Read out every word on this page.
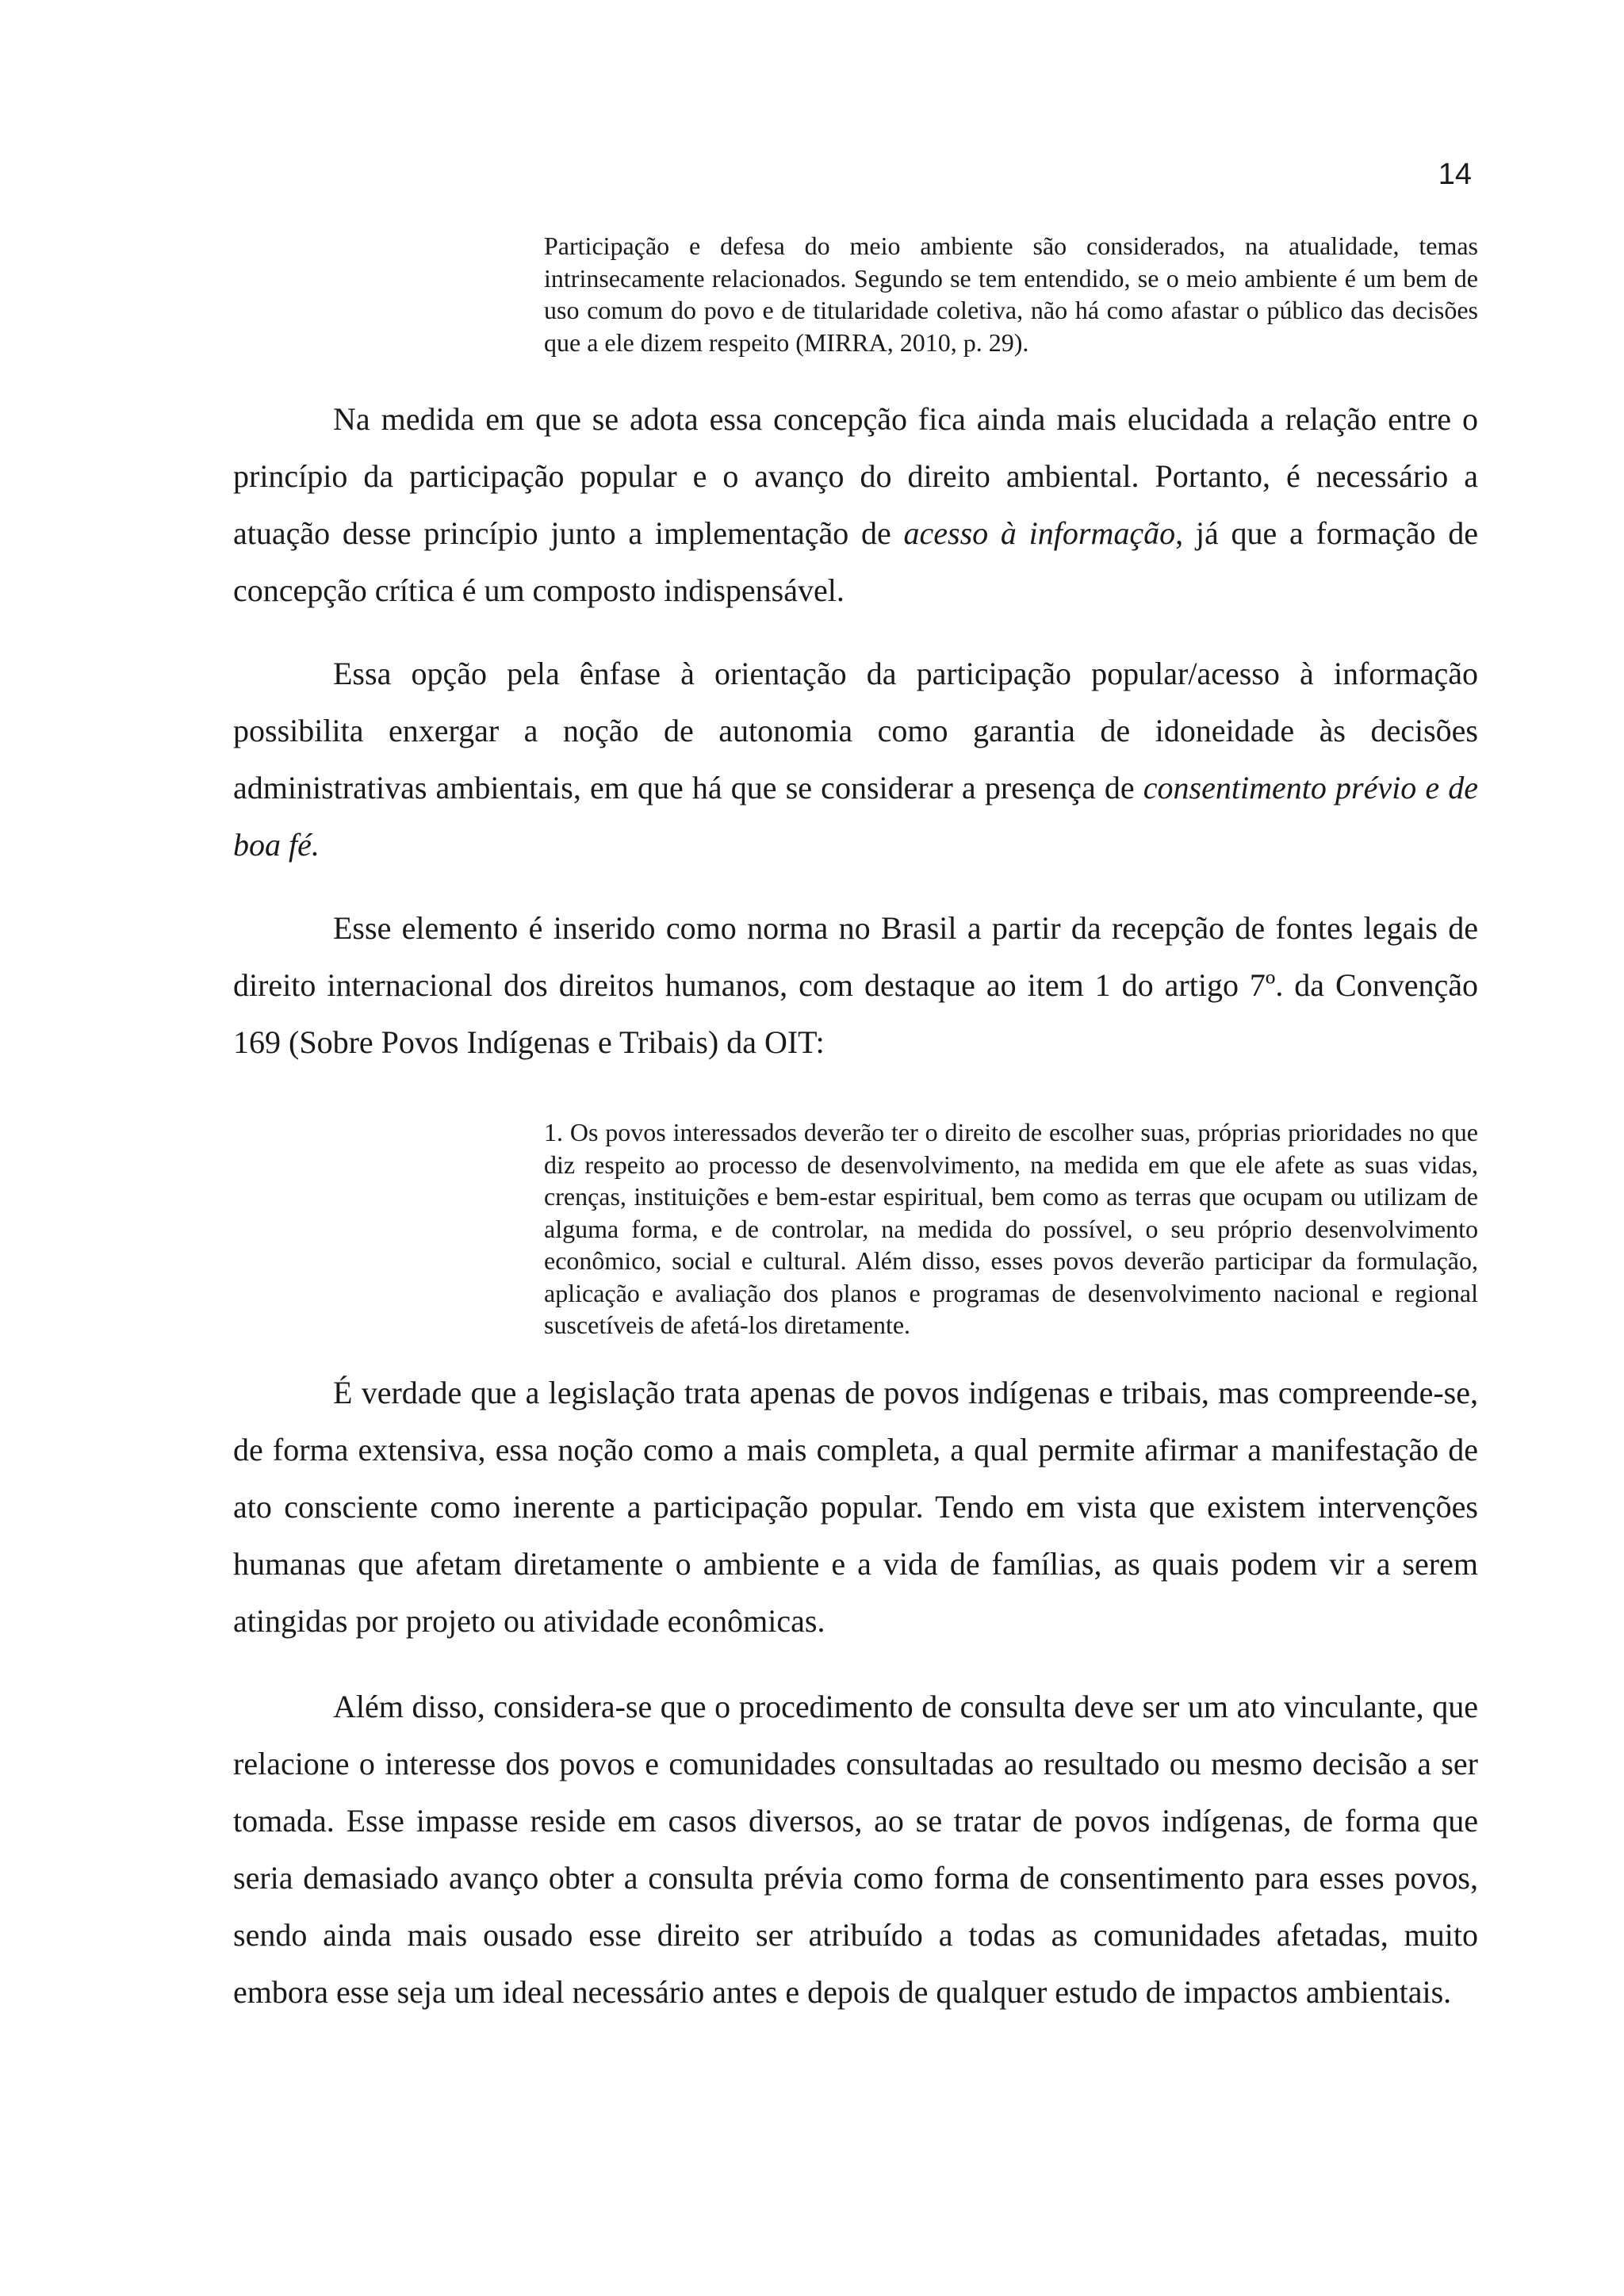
14

Participação e defesa do meio ambiente são considerados, na atualidade, temas intrinsecamente relacionados. Segundo se tem entendido, se o meio ambiente é um bem de uso comum do povo e de titularidade coletiva, não há como afastar o público das decisões que a ele dizem respeito (MIRRA, 2010, p. 29).

Na medida em que se adota essa concepção fica ainda mais elucidada a relação entre o princípio da participação popular e o avanço do direito ambiental. Portanto, é necessário a atuação desse princípio junto a implementação de acesso à informação, já que a formação de concepção crítica é um composto indispensável.

Essa opção pela ênfase à orientação da participação popular/acesso à informação possibilita enxergar a noção de autonomia como garantia de idoneidade às decisões administrativas ambientais, em que há que se considerar a presença de consentimento prévio e de boa fé.

Esse elemento é inserido como norma no Brasil a partir da recepção de fontes legais de direito internacional dos direitos humanos, com destaque ao item 1 do artigo 7º. da Convenção 169 (Sobre Povos Indígenas e Tribais) da OIT:

1. Os povos interessados deverão ter o direito de escolher suas, próprias prioridades no que diz respeito ao processo de desenvolvimento, na medida em que ele afete as suas vidas, crenças, instituições e bem-estar espiritual, bem como as terras que ocupam ou utilizam de alguma forma, e de controlar, na medida do possível, o seu próprio desenvolvimento econômico, social e cultural. Além disso, esses povos deverão participar da formulação, aplicação e avaliação dos planos e programas de desenvolvimento nacional e regional suscetíveis de afetá-los diretamente.

É verdade que a legislação trata apenas de povos indígenas e tribais, mas compreende-se, de forma extensiva, essa noção como a mais completa, a qual permite afirmar a manifestação de ato consciente como inerente a participação popular. Tendo em vista que existem intervenções humanas que afetam diretamente o ambiente e a vida de famílias, as quais podem vir a serem atingidas por projeto ou atividade econômicas.

Além disso, considera-se que o procedimento de consulta deve ser um ato vinculante, que relacione o interesse dos povos e comunidades consultadas ao resultado ou mesmo decisão a ser tomada. Esse impasse reside em casos diversos, ao se tratar de povos indígenas, de forma que seria demasiado avanço obter a consulta prévia como forma de consentimento para esses povos, sendo ainda mais ousado esse direito ser atribuído a todas as comunidades afetadas, muito embora esse seja um ideal necessário antes e depois de qualquer estudo de impactos ambientais.
